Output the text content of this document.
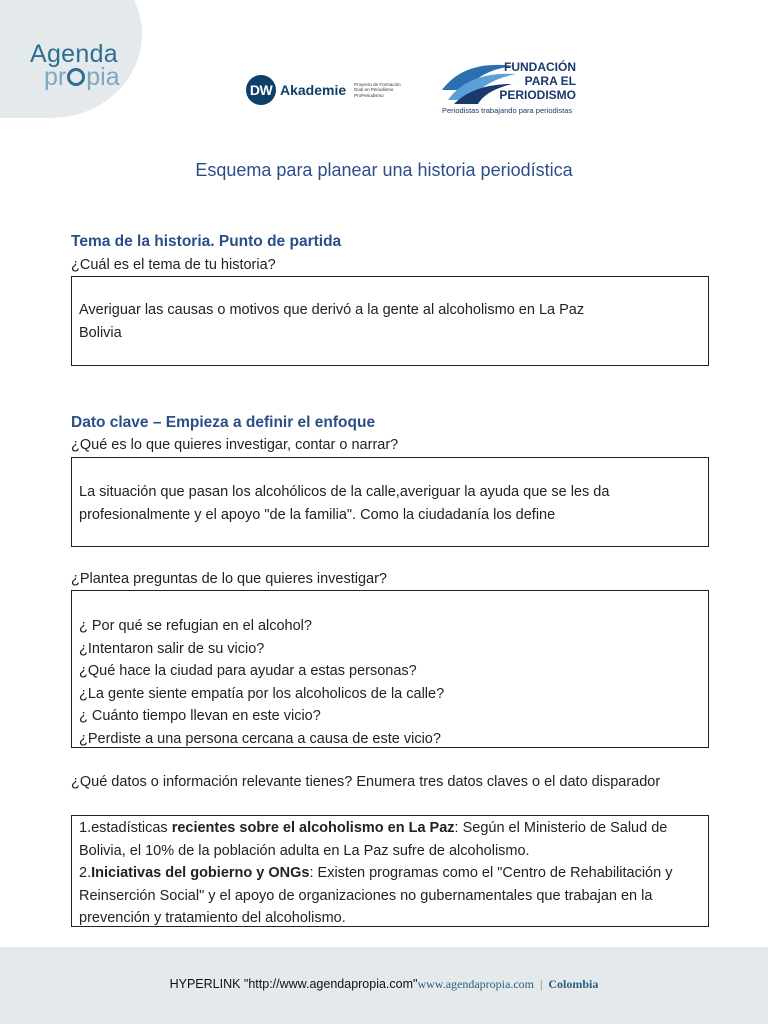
Agenda
pr pia	DW Akademie Proyecto de Formación Dual en Periodismo ProPeriodismo
FUNDACIÓN
PARA EL
PERIODISMO
Periodistas trabajando para periodistas
Esquema para planear una historia periodística
Tema de la historia. Punto de partida

¿Cuál es el tema de tu historia?

Averiguar las causas o motivos que derivó a la gente al alcoholismo en La Paz

Bolivia

Dato clave – Empieza a definir el enfoque

¿Qué es lo que quieres investigar, contar o narrar?

La situación que pasan los alcohólicos de la calle,averiguar la ayuda que se les da

profesionalmente y el apoyo "de la familia". Como la ciudadanía los define

¿Plantea preguntas de lo que quieres investigar?

¿ Por qué se refugian en el alcohol?

¿Intentaron salir de su vicio?

¿Qué hace la ciudad para ayudar a estas personas?

¿La gente siente empatía por los alcoholicos de la calle?

¿ Cuánto tiempo llevan en este vicio?

¿Perdiste a una persona cercana a causa de este vicio?

¿Qué datos o información relevante tienes? Enumera tres datos claves o el dato disparador

1.estadísticas recientes sobre el alcoholismo en La Paz: Según el Ministerio de Salud de Bolivia, el 10% de la población adulta en La Paz sufre de alcoholismo.

2.Iniciativas del gobierno y ONGs: Existen programas como el "Centro de Rehabilitación y Reinserción Social" y el apoyo de organizaciones no gubernamentales que trabajan en la prevención y tratamiento del alcoholismo.

HYPERLINK "http://www.agendapropia.com"www.agendapropia.com | Colombia
